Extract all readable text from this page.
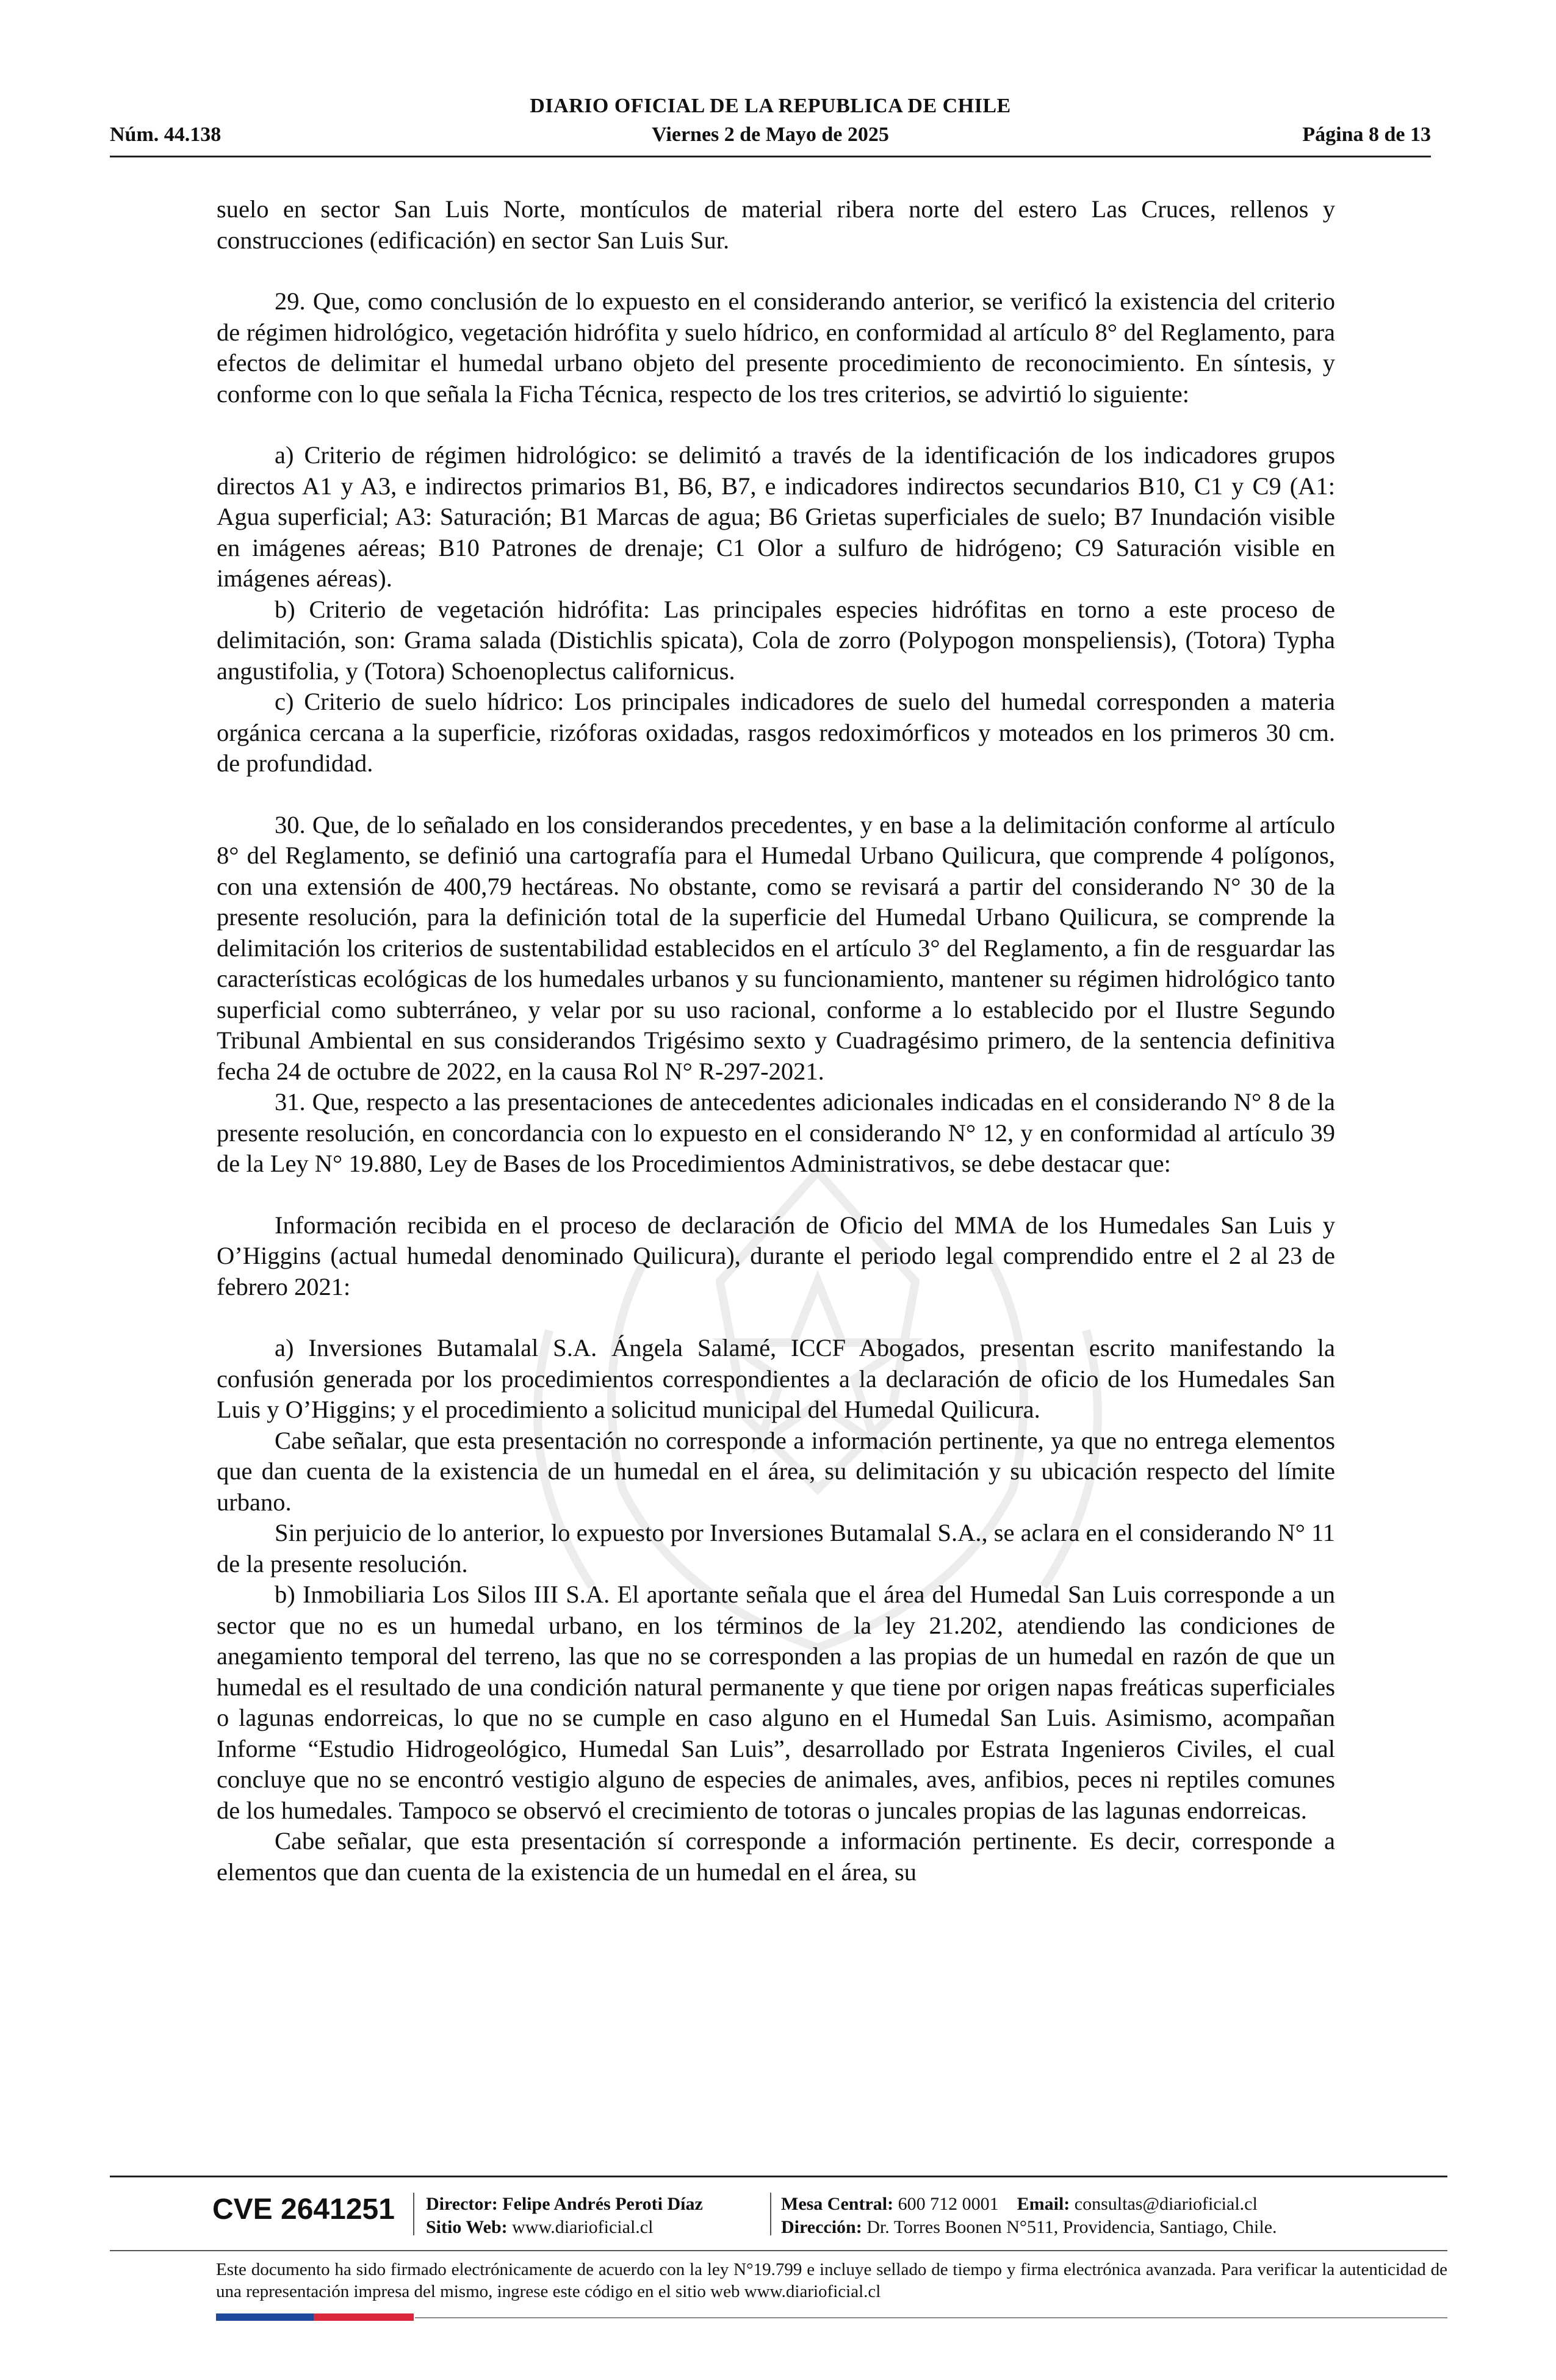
DIARIO OFICIAL DE LA REPUBLICA DE CHILE
Núm. 44.138	Viernes 2 de Mayo de 2025	Página 8 de 13

suelo en sector San Luis Norte, montículos de material ribera norte del estero Las Cruces, rellenos y construcciones (edificación) en sector San Luis Sur.

29. Que, como conclusión de lo expuesto en el considerando anterior, se verificó la existencia del criterio de régimen hidrológico, vegetación hidrófita y suelo hídrico, en conformidad al artículo 8° del Reglamento, para efectos de delimitar el humedal urbano objeto del presente procedimiento de reconocimiento. En síntesis, y conforme con lo que señala la Ficha Técnica, respecto de los tres criterios, se advirtió lo siguiente:

a) Criterio de régimen hidrológico: se delimitó a través de la identificación de los indicadores grupos directos A1 y A3, e indirectos primarios B1, B6, B7, e indicadores indirectos secundarios B10, C1 y C9 (A1: Agua superficial; A3: Saturación; B1 Marcas de agua; B6 Grietas superficiales de suelo; B7 Inundación visible en imágenes aéreas; B10 Patrones de drenaje; C1 Olor a sulfuro de hidrógeno; C9 Saturación visible en imágenes aéreas).

b) Criterio de vegetación hidrófita: Las principales especies hidrófitas en torno a este proceso de delimitación, son: Grama salada (Distichlis spicata), Cola de zorro (Polypogon monspeliensis), (Totora) Typha angustifolia, y (Totora) Schoenoplectus californicus.

c) Criterio de suelo hídrico: Los principales indicadores de suelo del humedal corresponden a materia orgánica cercana a la superficie, rizóforas oxidadas, rasgos redoximórficos y moteados en los primeros 30 cm. de profundidad.

30. Que, de lo señalado en los considerandos precedentes, y en base a la delimitación conforme al artículo 8° del Reglamento, se definió una cartografía para el Humedal Urbano Quilicura, que comprende 4 polígonos, con una extensión de 400,79 hectáreas. No obstante, como se revisará a partir del considerando N° 30 de la presente resolución, para la definición total de la superficie del Humedal Urbano Quilicura, se comprende la delimitación los criterios de sustentabilidad establecidos en el artículo 3° del Reglamento, a fin de resguardar las características ecológicas de los humedales urbanos y su funcionamiento, mantener su régimen hidrológico tanto superficial como subterráneo, y velar por su uso racional, conforme a lo establecido por el Ilustre Segundo Tribunal Ambiental en sus considerandos Trigésimo sexto y Cuadragésimo primero, de la sentencia definitiva fecha 24 de octubre de 2022, en la causa Rol N° R-297-2021.

31. Que, respecto a las presentaciones de antecedentes adicionales indicadas en el considerando N° 8 de la presente resolución, en concordancia con lo expuesto en el considerando N° 12, y en conformidad al artículo 39 de la Ley N° 19.880, Ley de Bases de los Procedimientos Administrativos, se debe destacar que:

Información recibida en el proceso de declaración de Oficio del MMA de los Humedales San Luis y O’Higgins (actual humedal denominado Quilicura), durante el periodo legal comprendido entre el 2 al 23 de febrero 2021:

a) Inversiones Butamalal S.A. Ángela Salamé, ICCF Abogados, presentan escrito manifestando la confusión generada por los procedimientos correspondientes a la declaración de oficio de los Humedales San Luis y O’Higgins; y el procedimiento a solicitud municipal del Humedal Quilicura.

Cabe señalar, que esta presentación no corresponde a información pertinente, ya que no entrega elementos que dan cuenta de la existencia de un humedal en el área, su delimitación y su ubicación respecto del límite urbano.

Sin perjuicio de lo anterior, lo expuesto por Inversiones Butamalal S.A., se aclara en el considerando N° 11 de la presente resolución.

b) Inmobiliaria Los Silos III S.A. El aportante señala que el área del Humedal San Luis corresponde a un sector que no es un humedal urbano, en los términos de la ley 21.202, atendiendo las condiciones de anegamiento temporal del terreno, las que no se corresponden a las propias de un humedal en razón de que un humedal es el resultado de una condición natural permanente y que tiene por origen napas freáticas superficiales o lagunas endorreicas, lo que no se cumple en caso alguno en el Humedal San Luis. Asimismo, acompañan Informe “Estudio Hidrogeológico, Humedal San Luis”, desarrollado por Estrata Ingenieros Civiles, el cual concluye que no se encontró vestigio alguno de especies de animales, aves, anfibios, peces ni reptiles comunes de los humedales. Tampoco se observó el crecimiento de totoras o juncales propias de las lagunas endorreicas.

Cabe señalar, que esta presentación sí corresponde a información pertinente. Es decir, corresponde a elementos que dan cuenta de la existencia de un humedal en el área, su

CVE 2641251 Director: Felipe Andrés Peroti Díaz
Sitio Web: www.diarioficial.cl
Mesa Central: 600 712 0001 Email: consultas@diarioficial.cl
Dirección: Dr. Torres Boonen N°511, Providencia, Santiago, Chile.
Este documento ha sido firmado electrónicamente de acuerdo con la ley N°19.799 e incluye sellado de tiempo y firma electrónica avanzada. Para verificar la autenticidad de una representación impresa del mismo, ingrese este código en el sitio web www.diarioficial.cl
